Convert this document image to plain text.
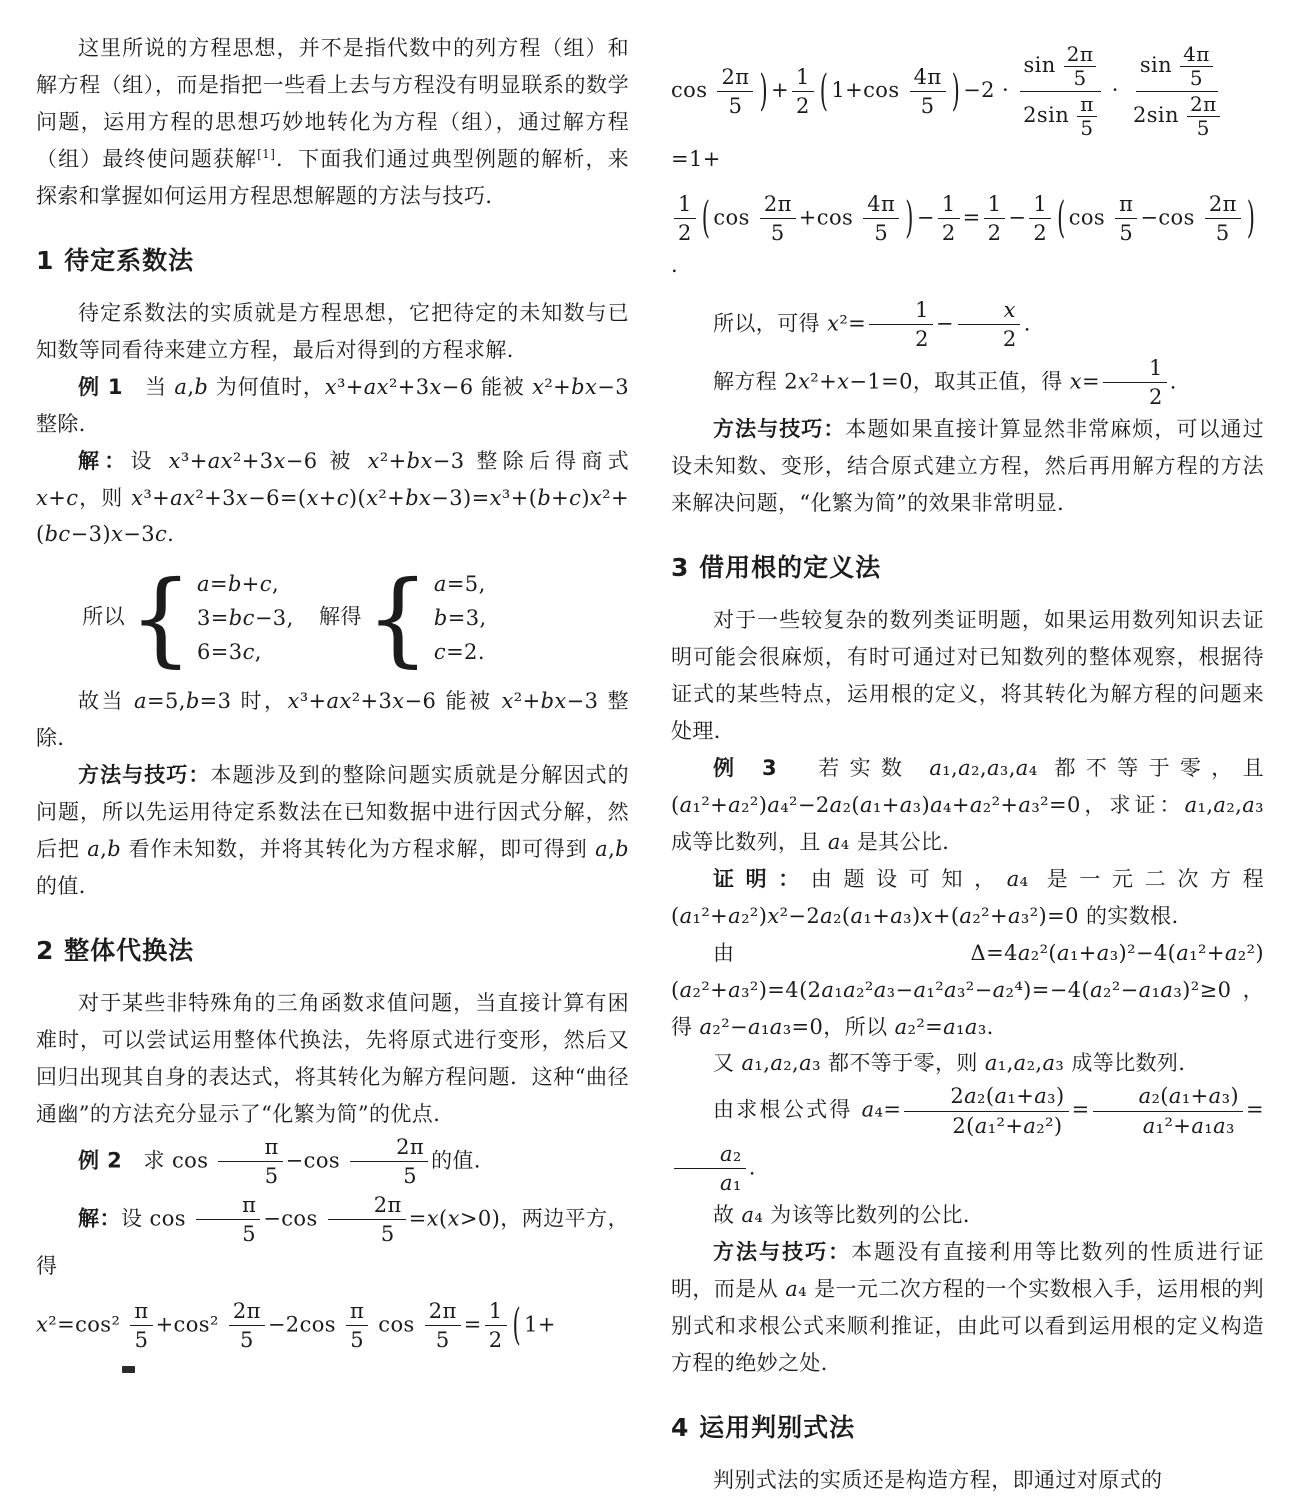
这里所说的方程思想，并不是指代数中的列方程（组）和解方程（组），而是指把一些看上去与方程没有明显联系的数学问题，运用方程的思想巧妙地转化为方程（组），通过解方程（组）最终使问题获解[1]．下面我们通过典型例题的解析，来探索和掌握如何运用方程思想解题的方法与技巧．

1 待定系数法

待定系数法的实质就是方程思想，它把待定的未知数与已知数等同看待来建立方程，最后对得到的方程求解．

例 1　当 a,b 为何值时，x³+ax²+3x−6 能被 x²+bx−3 整除．

解：设 x³+ax²+3x−6 被 x²+bx−3 整除后得商式 x+c，则 x³+ax²+3x−6=(x+c)(x²+bx−3)=x³+(b+c)x²+(bc−3)x−3c.

所以 { a=b+c,
3=bc−3,
6=3c,
　解得 { a=5,
b=3,
c=2.

故当 a=5,b=3 时，x³+ax²+3x−6 能被 x²+bx−3 整除．

方法与技巧：本题涉及到的整除问题实质就是分解因式的问题，所以先运用待定系数法在已知数据中进行因式分解，然后把 a,b 看作未知数，并将其转化为方程求解，即可得到 a,b 的值．

2 整体代换法

对于某些非特殊角的三角函数求值问题，当直接计算有困难时，可以尝试运用整体代换法，先将原式进行变形，然后又回归出现其自身的表达式，将其转化为解方程问题．这种“曲径通幽”的方法充分显示了“化繁为简”的优点．

例 2　求 $\cos \frac{\pi}{5} -\cos \frac{2\pi}{5}$ 的值．

解：设 $\cos \frac{\pi}{5} -\cos \frac{2\pi}{5} =x(x>0)$，两边平方，得

$x^2=\cos^2 \frac{\pi}{5} +\cos^2 \frac{2\pi}{5} -2\cos \frac{\pi}{5}$ $\cos \frac{2\pi}{5} = \frac{1}{2}$ ( 1+
$\cos \frac{2\pi}{5}$ ) + $\frac{1}{2}$ ( $1+\cos \frac{4\pi}{5}$ ) $-2 \cdot \frac{\sin \frac{2\pi}{5}}{2\sin \frac{\pi}{5}} \cdot \frac{\sin \frac{4\pi}{5}}{2\sin \frac{2\pi}{5}}$
=1+
$\frac{1}{2}$ ( $\cos \frac{2\pi}{5} +\cos \frac{4\pi}{5}$ ) − $\frac{1}{2} = \frac{1}{2} - \frac{1}{2}$ ( $\cos \frac{\pi}{5} -\cos \frac{2\pi}{5}$ ).

所以，可得 $x^2= \frac{1}{2} - \frac{x}{2}$ .

解方程 2x²+x−1=0，取其正值，得 $x= \frac{1}{2}$ .

方法与技巧：本题如果直接计算显然非常麻烦，可以通过设未知数、变形，结合原式建立方程，然后再用解方程的方法来解决问题，“化繁为简”的效果非常明显．

3 借用根的定义法

对于一些较复杂的数列类证明题，如果运用数列知识去证明可能会很麻烦，有时可通过对已知数列的整体观察，根据待证式的某些特点，运用根的定义，将其转化为解方程的问题来处理．

例 3　若实数 a₁,a₂,a₃,a₄ 都不等于零，且(a₁²+a₂²)a₄²−2a₂(a₁+a₃)a₄+a₂²+a₃²=0，求证：a₁,a₂,a₃ 成等比数列，且 a₄ 是其公比．

证明：由题设可知，a₄ 是一元二次方程(a₁²+a₂²)x²−2a₂(a₁+a₃)x+(a₂²+a₃²)=0 的实数根．

由 Δ=4a₂²(a₁+a₃)²−4(a₁²+a₂²)(a₂²+a₃²)=4(2a₁a₂²a₃−a₁²a₃²−a₂⁴)=−4(a₂²−a₁a₃)²≥0，得 a₂²−a₁a₃=0，所以 a₂²=a₁a₃.

又 a₁,a₂,a₃ 都不等于零，则 a₁,a₂,a₃ 成等比数列．

由求根公式得 $a_4= \frac{\text{2a₂(a₁+a₃)}}{\text{2(a₁²+a₂²)}} = \frac{\text{a₂(a₁+a₃)}}{\text{a₁²+a₁a₃}}$ =
$\frac{\text{a₂}}{\text{a₁}}$ .

故 a₄ 为该等比数列的公比．

方法与技巧：本题没有直接利用等比数列的性质进行证明，而是从 a₄ 是一元二次方程的一个实数根入手，运用根的判别式和求根公式来顺利推证，由此可以看到运用根的定义构造方程的绝妙之处．

4 运用判别式法

判别式法的实质还是构造方程，即通过对原式的
